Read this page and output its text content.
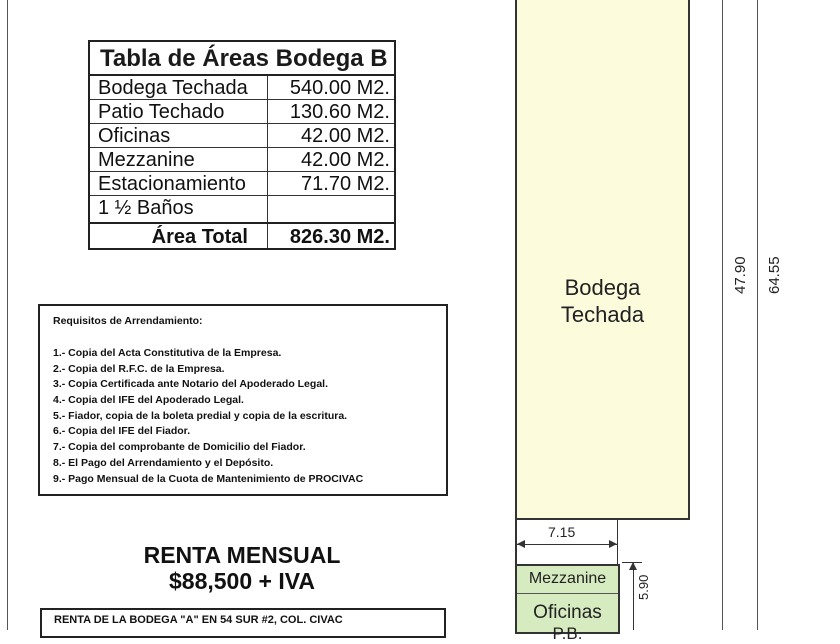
Tabla de Áreas Bodega B
Bodega Techada 540.00 M2.
Patio Techado	130.60 M2.
Oficinas	42.00 M2.
Mezzanine	42.00 M2.
Estacionamiento	71.70 M2.
1 ½ Baños
Área Total 826.30 M2.
Requisitos de Arrendamiento:
1.- Copia del Acta Constitutiva de la Empresa.
2.- Copia del R.F.C. de la Empresa.
3.- Copia Certificada ante Notario del Apoderado Legal.
4.- Copia del IFE del Apoderado Legal.
5.- Fiador, copia de la boleta predial y copia de la escritura.
6.- Copia del IFE del Fiador.
7.- Copia del comprobante de Domicilio del Fiador.
8.- El Pago del Arrendamiento y el Depósito.
9.- Pago Mensual de la Cuota de Mantenimiento de PROCIVAC
RENTA MENSUAL
$88,500 + IVA
RENTA DE LA BODEGA "A" EN 54 SUR #2, COL. CIVAC
Bodega
Techada
7.15
Mezzanine
Oficinas
P.B.
5.90
47.90 64.55
